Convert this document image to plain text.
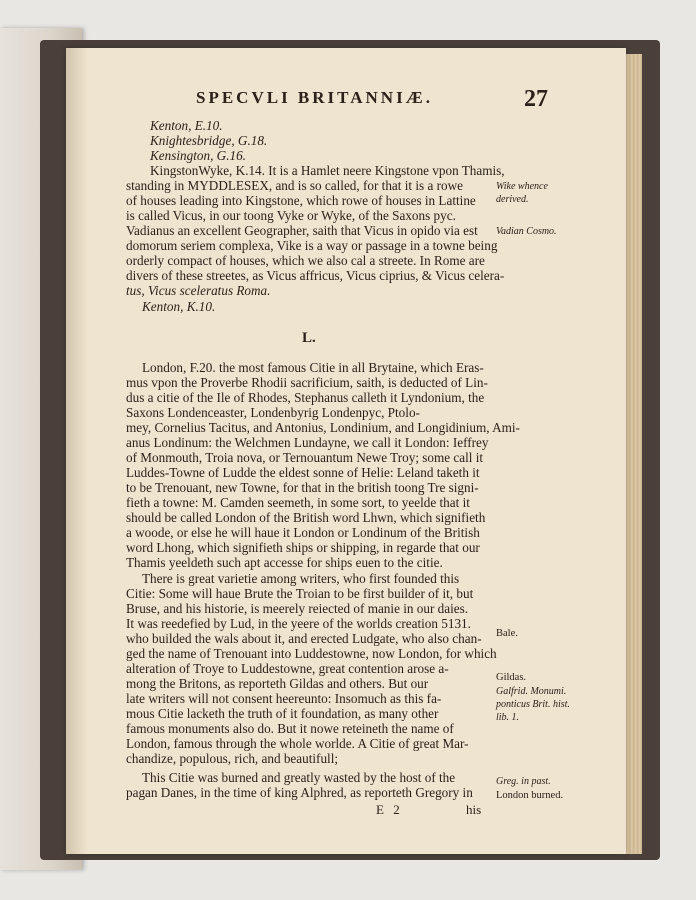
SPECVLI BRITANNIÆ.	27
Kenton, E.10.
Knightesbridge, G.18.
Kensington, G.16.
KingstonWyke, K.14. It is a Hamlet neere Kingstone vpon Thamis,
standing in MYDDLESEX, and is so called, for that it is a rowe
of houses leading into Kingstone, which rowe of houses in Lattine
is called Vicus, in our toong Vyke or Wyke, of the Saxons pyc.
Vadianus an excellent Geographer, saith that Vicus in opido via est
domorum seriem complexa, Vike is a way or passage in a towne being
orderly compact of houses, which we also cal a streete. In Rome are
divers of these streetes, as Vicus affricus, Vicus ciprius, & Vicus celera-
tus, Vicus sceleratus Roma.
Kenton, K.10.
L.
London, F.20. the most famous Citie in all Brytaine, which Eras-
mus vpon the Proverbe Rhodii sacrificium, saith, is deducted of Lin-
dus a citie of the Ile of Rhodes, Stephanus calleth it Lyndonium, the
Saxons Londenceaster, Londenbyrig Londenpyc, Ptolo-
mey, Cornelius Tacitus, and Antonius, Londinium, and Longidinium, Ami-
anus Londinum: the Welchmen Lundayne, we call it London: Ieffrey
of Monmouth, Troia nova, or Ternouantum Newe Troy; some call it
Luddes-Towne of Ludde the eldest sonne of Helie: Leland taketh it
to be Trenouant, new Towne, for that in the british toong Tre signi-
fieth a towne: M. Camden seemeth, in some sort, to yeelde that it
should be called London of the British word Lhwn, which signifieth
a woode, or else he will haue it London or Londinum of the British
word Lhong, which signifieth ships or shipping, in regarde that our
Thamis yeeldeth such apt accesse for ships euen to the citie.
There is great varietie among writers, who first founded this
Citie: Some will haue Brute the Troian to be first builder of it, but
Bruse, and his historie, is meerely reiected of manie in our daies.
It was reedefied by Lud, in the yeere of the worlds creation 5131.
who builded the wals about it, and erected Ludgate, who also chan-
ged the name of Trenouant into Luddestowne, now London, for which
alteration of Troye to Luddestowne, great contention arose a-
mong the Britons, as reporteth Gildas and others. But our
late writers will not consent heereunto: Insomuch as this fa-
mous Citie lacketh the truth of it foundation, as many other
famous monuments also do. But it nowe reteineth the name of
London, famous through the whole worlde. A Citie of great Mar-
chandize, populous, rich, and beautifull;
This Citie was burned and greatly wasted by the host of the
pagan Danes, in the time of king Alphred, as reporteth Gregory in
E 2	his
Wike whence
derived.
Vadian Cosmo.
Bale.
Gildas.
Galfrid. Monumi.
ponticus Brit. hist.
lib. 1.
Greg. in past.
London burned.
